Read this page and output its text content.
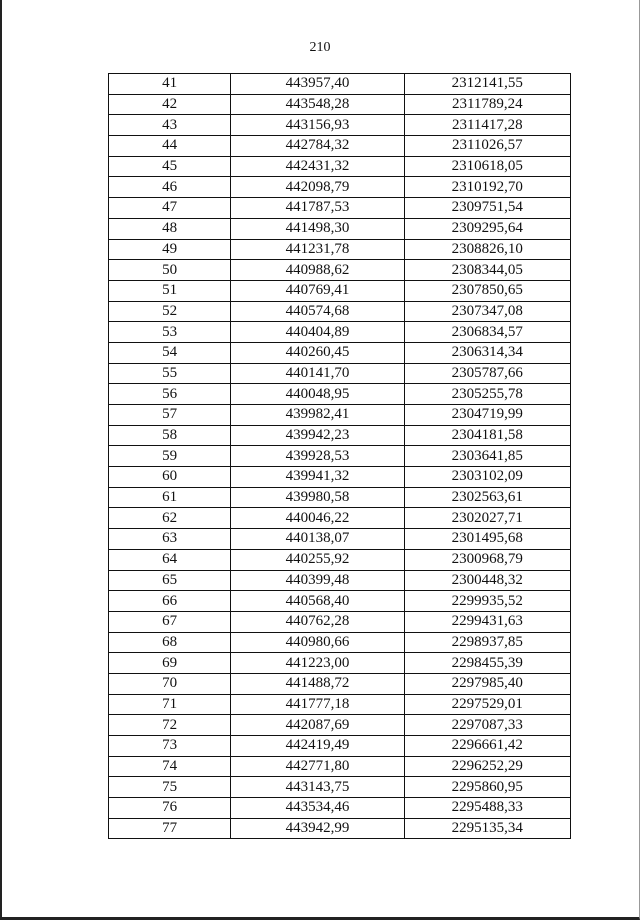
210
41	443957,40	2312141,55
42	443548,28	2311789,24
43	443156,93	2311417,28
44	442784,32	2311026,57
45	442431,32	2310618,05
46	442098,79	2310192,70
47	441787,53	2309751,54
48	441498,30	2309295,64
49	441231,78	2308826,10
50	440988,62	2308344,05
51	440769,41	2307850,65
52	440574,68	2307347,08
53	440404,89	2306834,57
54	440260,45	2306314,34
55	440141,70	2305787,66
56	440048,95	2305255,78
57	439982,41	2304719,99
58	439942,23	2304181,58
59	439928,53	2303641,85
60	439941,32	2303102,09
61	439980,58	2302563,61
62	440046,22	2302027,71
63	440138,07	2301495,68
64	440255,92	2300968,79
65	440399,48	2300448,32
66	440568,40	2299935,52
67	440762,28	2299431,63
68	440980,66	2298937,85
69	441223,00	2298455,39
70	441488,72	2297985,40
71	441777,18	2297529,01
72	442087,69	2297087,33
73	442419,49	2296661,42
74	442771,80	2296252,29
75	443143,75	2295860,95
76	443534,46	2295488,33
77	443942,99	2295135,34
